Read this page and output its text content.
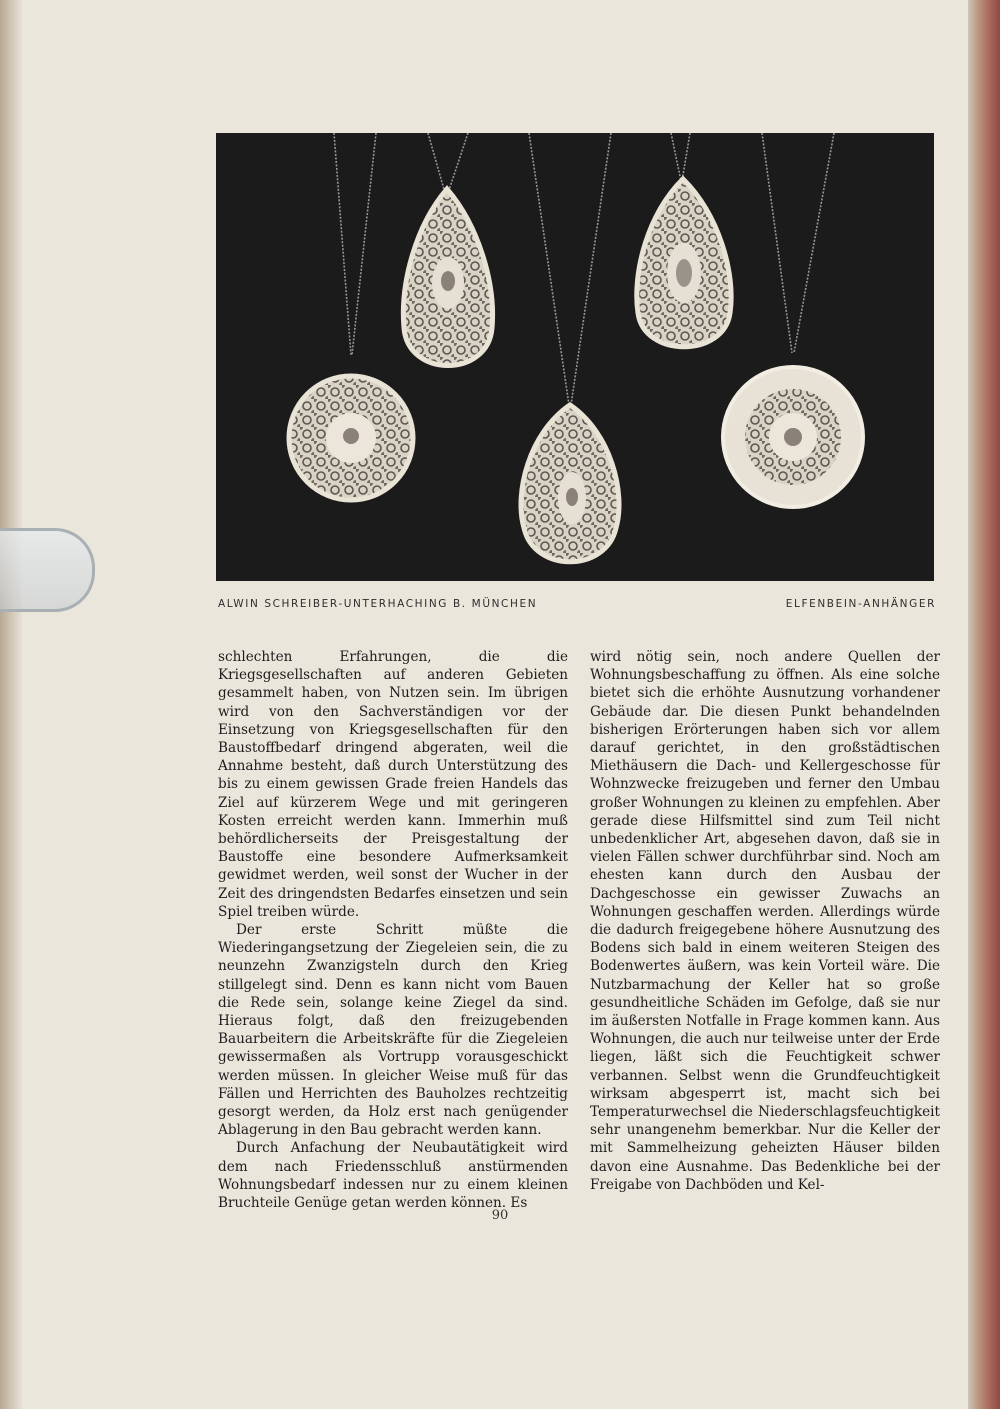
ALWIN SCHREIBER-UNTERHACHING B. MÜNCHEN	ELFENBEIN-ANHÄNGER

schlechten Erfahrungen, die die Kriegsgesellschaften auf anderen Gebieten gesammelt haben, von Nutzen sein. Im übrigen wird von den Sachverständigen vor der Einsetzung von Kriegsgesellschaften für den Baustoffbedarf dringend abgeraten, weil die Annahme besteht, daß durch Unterstützung des bis zu einem gewissen Grade freien Handels das Ziel auf kürzerem Wege und mit geringeren Kosten erreicht werden kann. Immerhin muß behördlicherseits der Preisgestaltung der Baustoffe eine besondere Aufmerksamkeit gewidmet werden, weil sonst der Wucher in der Zeit des dringendsten Bedarfes einsetzen und sein Spiel treiben würde.

Der erste Schritt müßte die Wiederingangsetzung der Ziegeleien sein, die zu neunzehn Zwanzigsteln durch den Krieg stillgelegt sind. Denn es kann nicht vom Bauen die Rede sein, solange keine Ziegel da sind. Hieraus folgt, daß den freizugebenden Bauarbeitern die Arbeitskräfte für die Ziegeleien gewissermaßen als Vortrupp vorausgeschickt werden müssen. In gleicher Weise muß für das Fällen und Herrichten des Bauholzes rechtzeitig gesorgt werden, da Holz erst nach genügender Ablagerung in den Bau gebracht werden kann.

Durch Anfachung der Neubautätigkeit wird dem nach Friedensschluß anstürmenden Wohnungsbedarf indessen nur zu einem kleinen Bruchteile Genüge getan werden können. Es

wird nötig sein, noch andere Quellen der Wohnungsbeschaffung zu öffnen. Als eine solche bietet sich die erhöhte Ausnutzung vorhandener Gebäude dar. Die diesen Punkt behandelnden bisherigen Erörterungen haben sich vor allem darauf gerichtet, in den großstädtischen Miethäusern die Dach- und Kellergeschosse für Wohnzwecke freizugeben und ferner den Umbau großer Wohnungen zu kleinen zu empfehlen. Aber gerade diese Hilfsmittel sind zum Teil nicht unbedenklicher Art, abgesehen davon, daß sie in vielen Fällen schwer durchführbar sind. Noch am ehesten kann durch den Ausbau der Dachgeschosse ein gewisser Zuwachs an Wohnungen geschaffen werden. Allerdings würde die dadurch freigegebene höhere Ausnutzung des Bodens sich bald in einem weiteren Steigen des Bodenwertes äußern, was kein Vorteil wäre. Die Nutzbarmachung der Keller hat so große gesundheitliche Schäden im Gefolge, daß sie nur im äußersten Notfalle in Frage kommen kann. Aus Wohnungen, die auch nur teilweise unter der Erde liegen, läßt sich die Feuchtigkeit schwer verbannen. Selbst wenn die Grundfeuchtigkeit wirksam abgesperrt ist, macht sich bei Temperaturwechsel die Niederschlagsfeuchtigkeit sehr unangenehm bemerkbar. Nur die Keller der mit Sammelheizung geheizten Häuser bilden davon eine Ausnahme. Das Bedenkliche bei der Freigabe von Dachböden und Kel-

90
